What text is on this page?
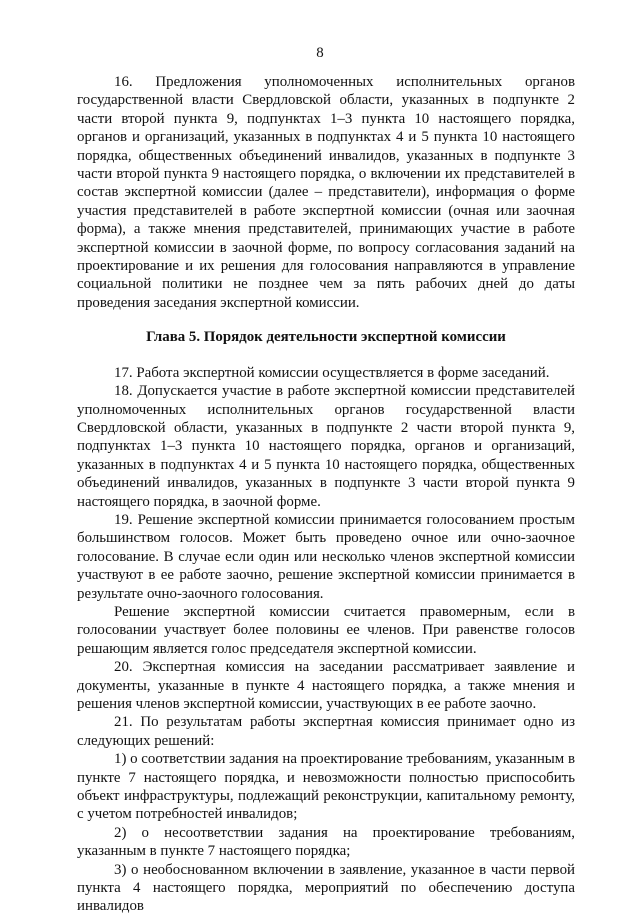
8

16. Предложения уполномоченных исполнительных органов государственной власти Свердловской области, указанных в подпункте 2 части второй пункта 9, подпунктах 1–3 пункта 10 настоящего порядка, органов и организаций, указанных в подпунктах 4 и 5 пункта 10 настоящего порядка, общественных объединений инвалидов, указанных в подпункте 3 части второй пункта 9 настоящего порядка, о включении их представителей в состав экспертной комиссии (далее – представители), информация о форме участия представителей в работе экспертной комиссии (очная или заочная форма), а также мнения представителей, принимающих участие в работе экспертной комиссии в заочной форме, по вопросу согласования заданий на проектирование и их решения для голосования направляются в управление социальной политики не позднее чем за пять рабочих дней до даты проведения заседания экспертной комиссии.

Глава 5. Порядок деятельности экспертной комиссии

17. Работа экспертной комиссии осуществляется в форме заседаний.

18. Допускается участие в работе экспертной комиссии представителей уполномоченных исполнительных органов государственной власти Свердловской области, указанных в подпункте 2 части второй пункта 9, подпунктах 1–3 пункта 10 настоящего порядка, органов и организаций, указанных в подпунктах 4 и 5 пункта 10 настоящего порядка, общественных объединений инвалидов, указанных в подпункте 3 части второй пункта 9 настоящего порядка, в заочной форме.

19. Решение экспертной комиссии принимается голосованием простым большинством голосов. Может быть проведено очное или очно-заочное голосование. В случае если один или несколько членов экспертной комиссии участвуют в ее работе заочно, решение экспертной комиссии принимается в результате очно-заочного голосования.

Решение экспертной комиссии считается правомерным, если в голосовании участвует более половины ее членов. При равенстве голосов решающим является голос председателя экспертной комиссии.

20. Экспертная комиссия на заседании рассматривает заявление и документы, указанные в пункте 4 настоящего порядка, а также мнения и решения членов экспертной комиссии, участвующих в ее работе заочно.

21. По результатам работы экспертная комиссия принимает одно из следующих решений:

1) о соответствии задания на проектирование требованиям, указанным в пункте 7 настоящего порядка, и невозможности полностью приспособить объект инфраструктуры, подлежащий реконструкции, капитальному ремонту, с учетом потребностей инвалидов;

2) о несоответствии задания на проектирование требованиям, указанным в пункте 7 настоящего порядка;

3) о необоснованном включении в заявление, указанное в части первой пункта 4 настоящего порядка, мероприятий по обеспечению доступа инвалидов
